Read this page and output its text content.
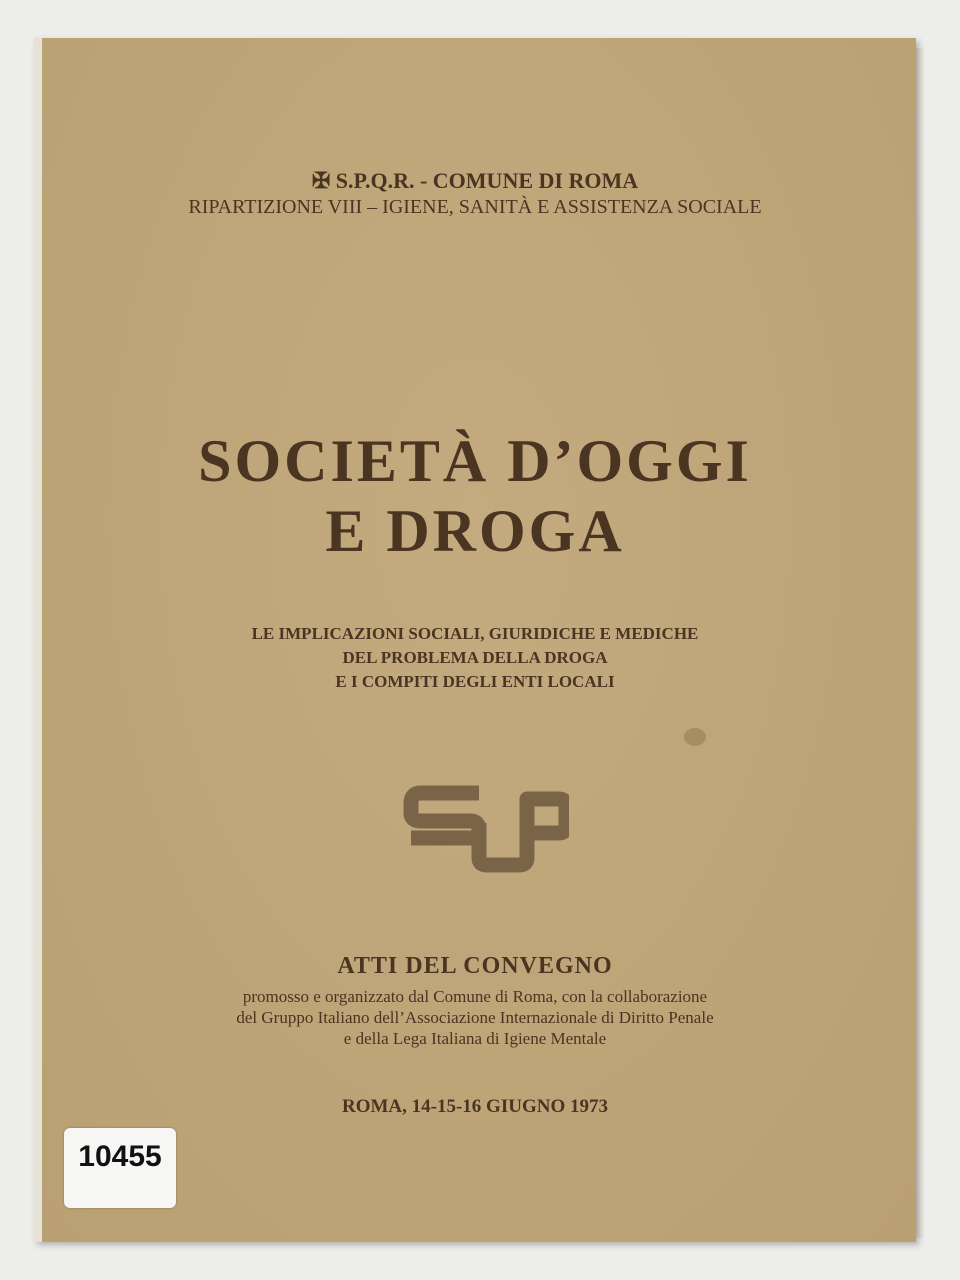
✠ S.P.Q.R. - COMUNE DI ROMA
RIPARTIZIONE VIII – IGIENE, SANITÀ E ASSISTENZA SOCIALE
SOCIETÀ D’OGGI
E DROGA
LE IMPLICAZIONI SOCIALI, GIURIDICHE E MEDICHE
DEL PROBLEMA DELLA DROGA
E I COMPITI DEGLI ENTI LOCALI
ATTI DEL CONVEGNO
promosso e organizzato dal Comune di Roma, con la collaborazione
del Gruppo Italiano dell’Associazione Internazionale di Diritto Penale
e della Lega Italiana di Igiene Mentale
ROMA, 14-15-16 GIUGNO 1973
10455
